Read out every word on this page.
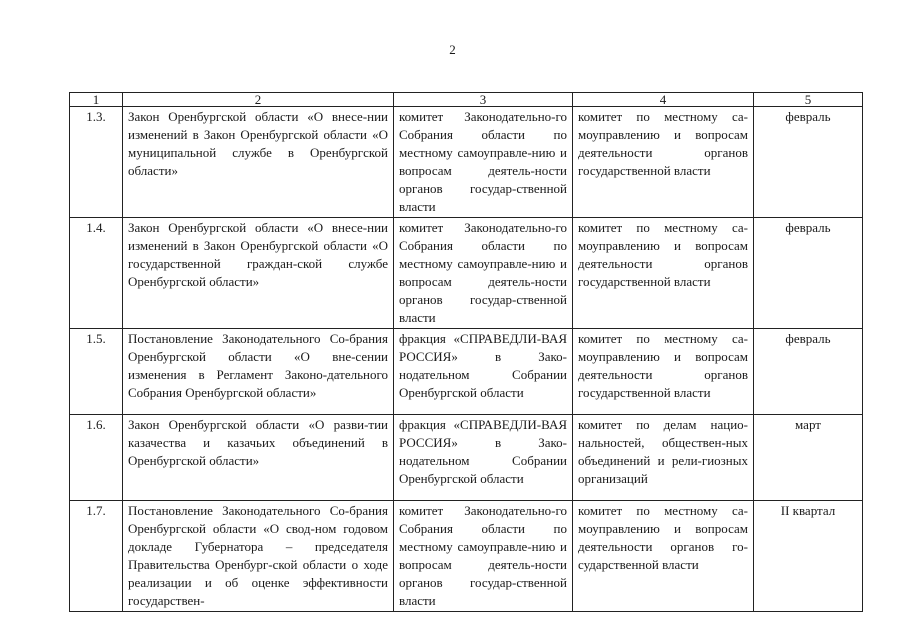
2
1	2	3	4	5
1.3.	Закон Оренбургской области «О внесе-нии изменений в Закон Оренбургской области «О муниципальной службе в Оренбургской области»	комитет Законодательно-го Собрания области по местному самоуправле-нию и вопросам деятель-ности органов государ-ственной власти	комитет по местному са-моуправлению и вопросам деятельности органов государственной власти	февраль
1.4.	Закон Оренбургской области «О внесе-нии изменений в Закон Оренбургской области «О государственной граждан-ской службе Оренбургской области»	комитет Законодательно-го Собрания области по местному самоуправле-нию и вопросам деятель-ности органов государ-ственной власти	комитет по местному са-моуправлению и вопросам деятельности органов государственной власти	февраль
1.5.	Постановление Законодательного Со-брания Оренбургской области «О вне-сении изменения в Регламент Законо-дательного Собрания Оренбургской области»	фракция «СПРАВЕДЛИ-ВАЯ РОССИЯ» в Зако-нодательном Собрании Оренбургской области	комитет по местному са-моуправлению и вопросам деятельности органов государственной власти	февраль
1.6.	Закон Оренбургской области «О разви-тии казачества и казачьих объединений в Оренбургской области»	фракция «СПРАВЕДЛИ-ВАЯ РОССИЯ» в Зако-нодательном Собрании Оренбургской области	комитет по делам нацио-нальностей, обществен-ных объединений и рели-гиозных организаций	март
1.7.	Постановление Законодательного Со-брания Оренбургской области «О свод-ном годовом докладе Губернатора – председателя Правительства Оренбург-ской области о ходе реализации и об оценке эффективности государствен-	комитет Законодательно-го Собрания области по местному самоуправле-нию и вопросам деятель-ности органов государ-ственной власти	комитет по местному са-моуправлению и вопросам деятельности органов го-сударственной власти	II квартал
